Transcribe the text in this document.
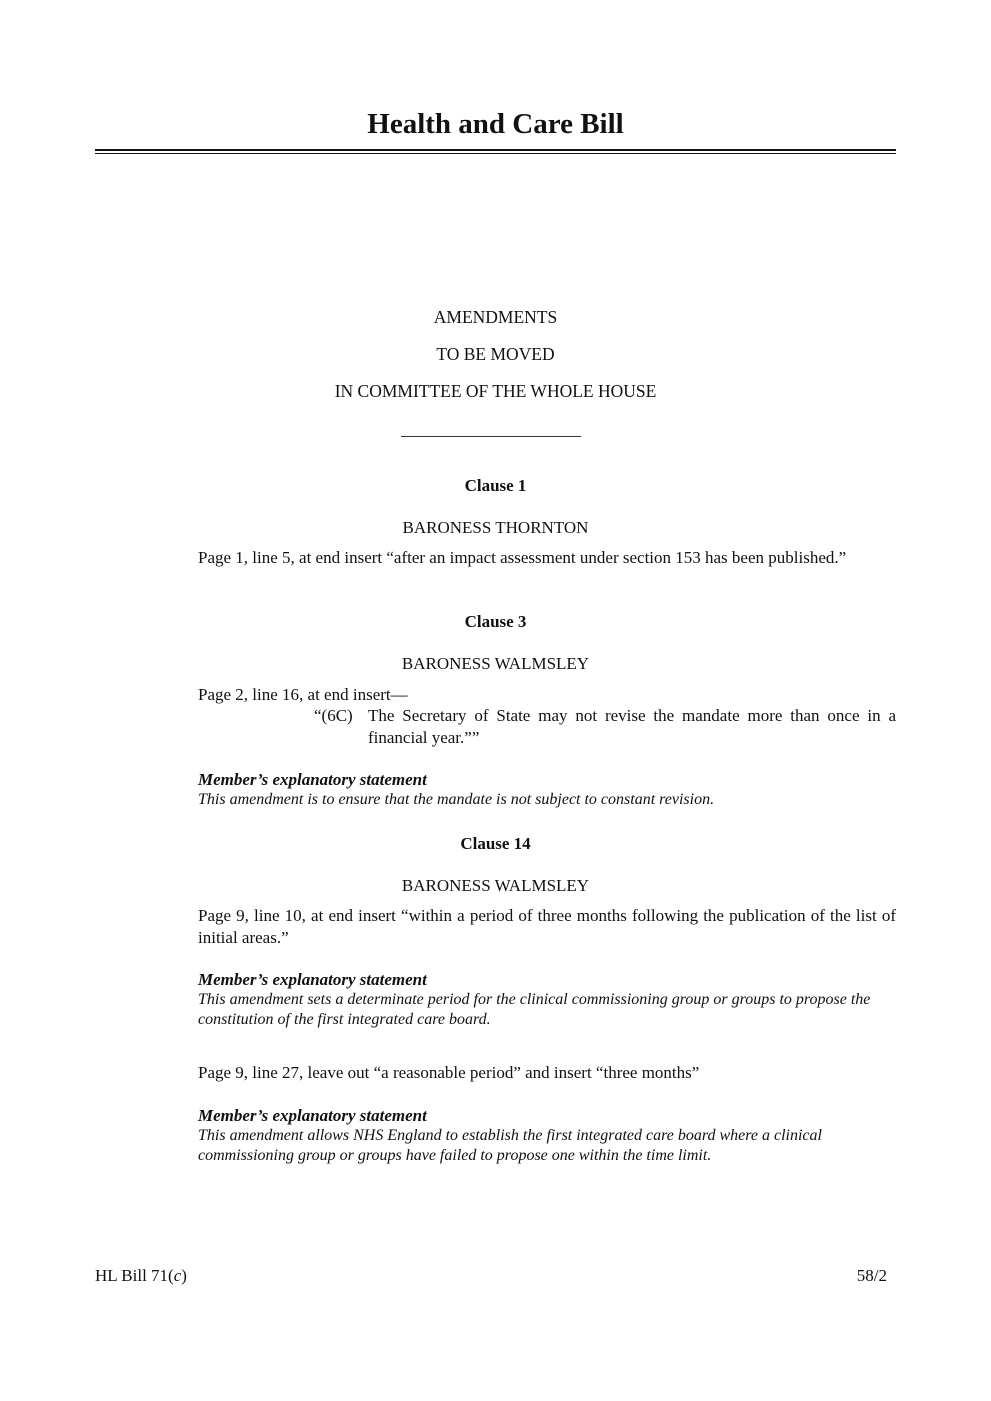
Health and Care Bill
AMENDMENTS
TO BE MOVED
IN COMMITTEE OF THE WHOLE HOUSE
Clause 1
BARONESS THORNTON
Page 1, line 5, at end insert “after an impact assessment under section 153 has been published.”
Clause 3
BARONESS WALMSLEY
Page 2, line 16, at end insert—
“(6C) The Secretary of State may not revise the mandate more than once in a financial year.””
Member’s explanatory statement
This amendment is to ensure that the mandate is not subject to constant revision.
Clause 14
BARONESS WALMSLEY
Page 9, line 10, at end insert “within a period of three months following the publication of the list of initial areas.”
Member’s explanatory statement
This amendment sets a determinate period for the clinical commissioning group or groups to propose the constitution of the first integrated care board.
Page 9, line 27, leave out “a reasonable period” and insert “three months”
Member’s explanatory statement
This amendment allows NHS England to establish the first integrated care board where a clinical commissioning group or groups have failed to propose one within the time limit.
HL Bill 71(c)	58/2
